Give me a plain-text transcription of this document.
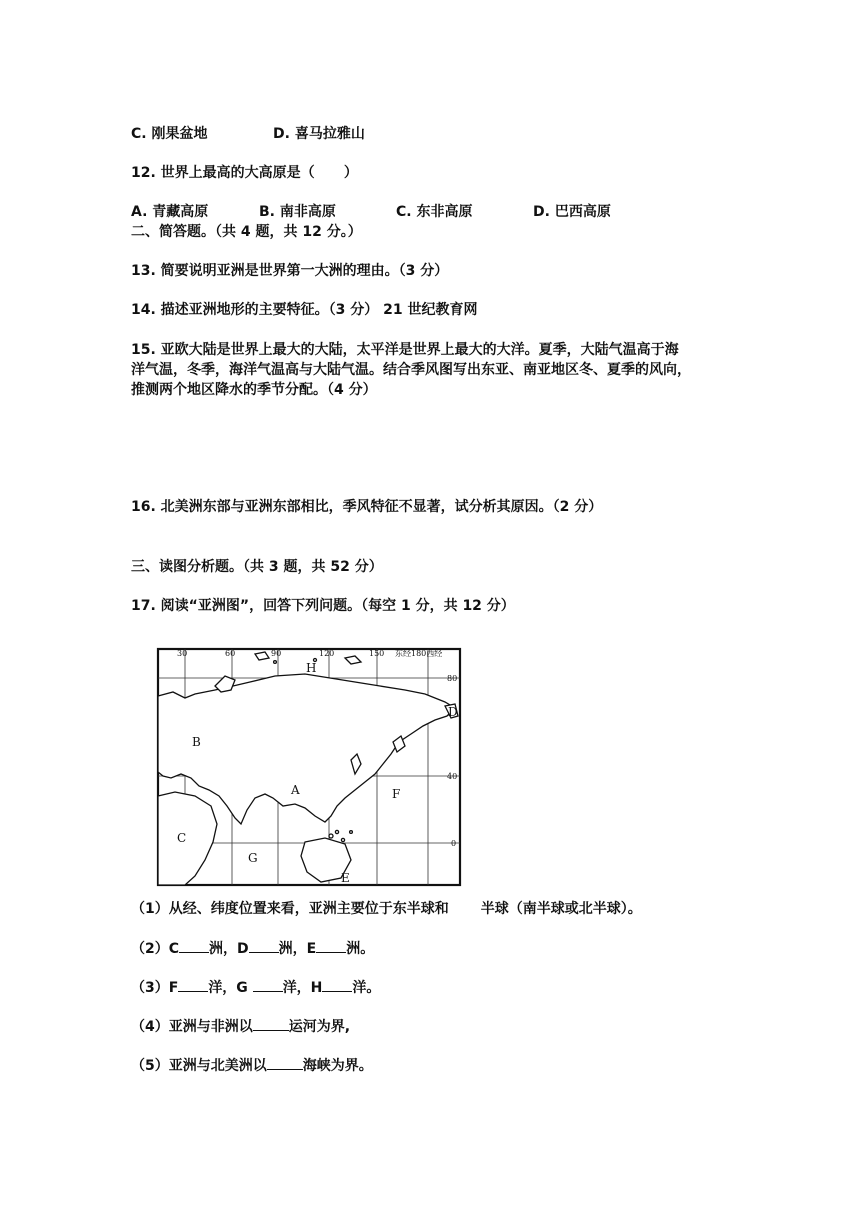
C. 刚果盆地	D. 喜马拉雅山
12. 世界上最高的大高原是（      ）
A. 青藏高原	B. 南非高原	C. 东非高原	D. 巴西高原
二、简答题。（共 4 题，共 12 分。）
13. 简要说明亚洲是世界第一大洲的理由。（3 分）
14. 描述亚洲地形的主要特征。（3 分） 21 世纪教育网
15. 亚欧大陆是世界上最大的大陆，太平洋是世界上最大的大洋。夏季，大陆气温高于海
洋气温，冬季，海洋气温高与大陆气温。结合季风图写出东亚、南亚地区冬、夏季的风向，
推测两个地区降水的季节分配。（4 分）
16. 北美洲东部与亚洲东部相比，季风特征不显著，试分析其原因。（2 分）
三、读图分析题。（共 3 题，共 52 分）
17. 阅读“亚洲图”，回答下列问题。（每空 1 分，共 12 分）
30	60	90	120	150 东经180西经
80
40
0
A
B
C
D
E
F
G
H
（1）从经、纬度位置来看，亚洲主要位于东半球和 半球（南半球或北半球）。
（2）C 洲，D 洲，E 洲。
（3）F 洋，G 洋，H 洋。
（4）亚洲与非洲以	运河为界,
（5）亚洲与北美洲以	海峡为界。
